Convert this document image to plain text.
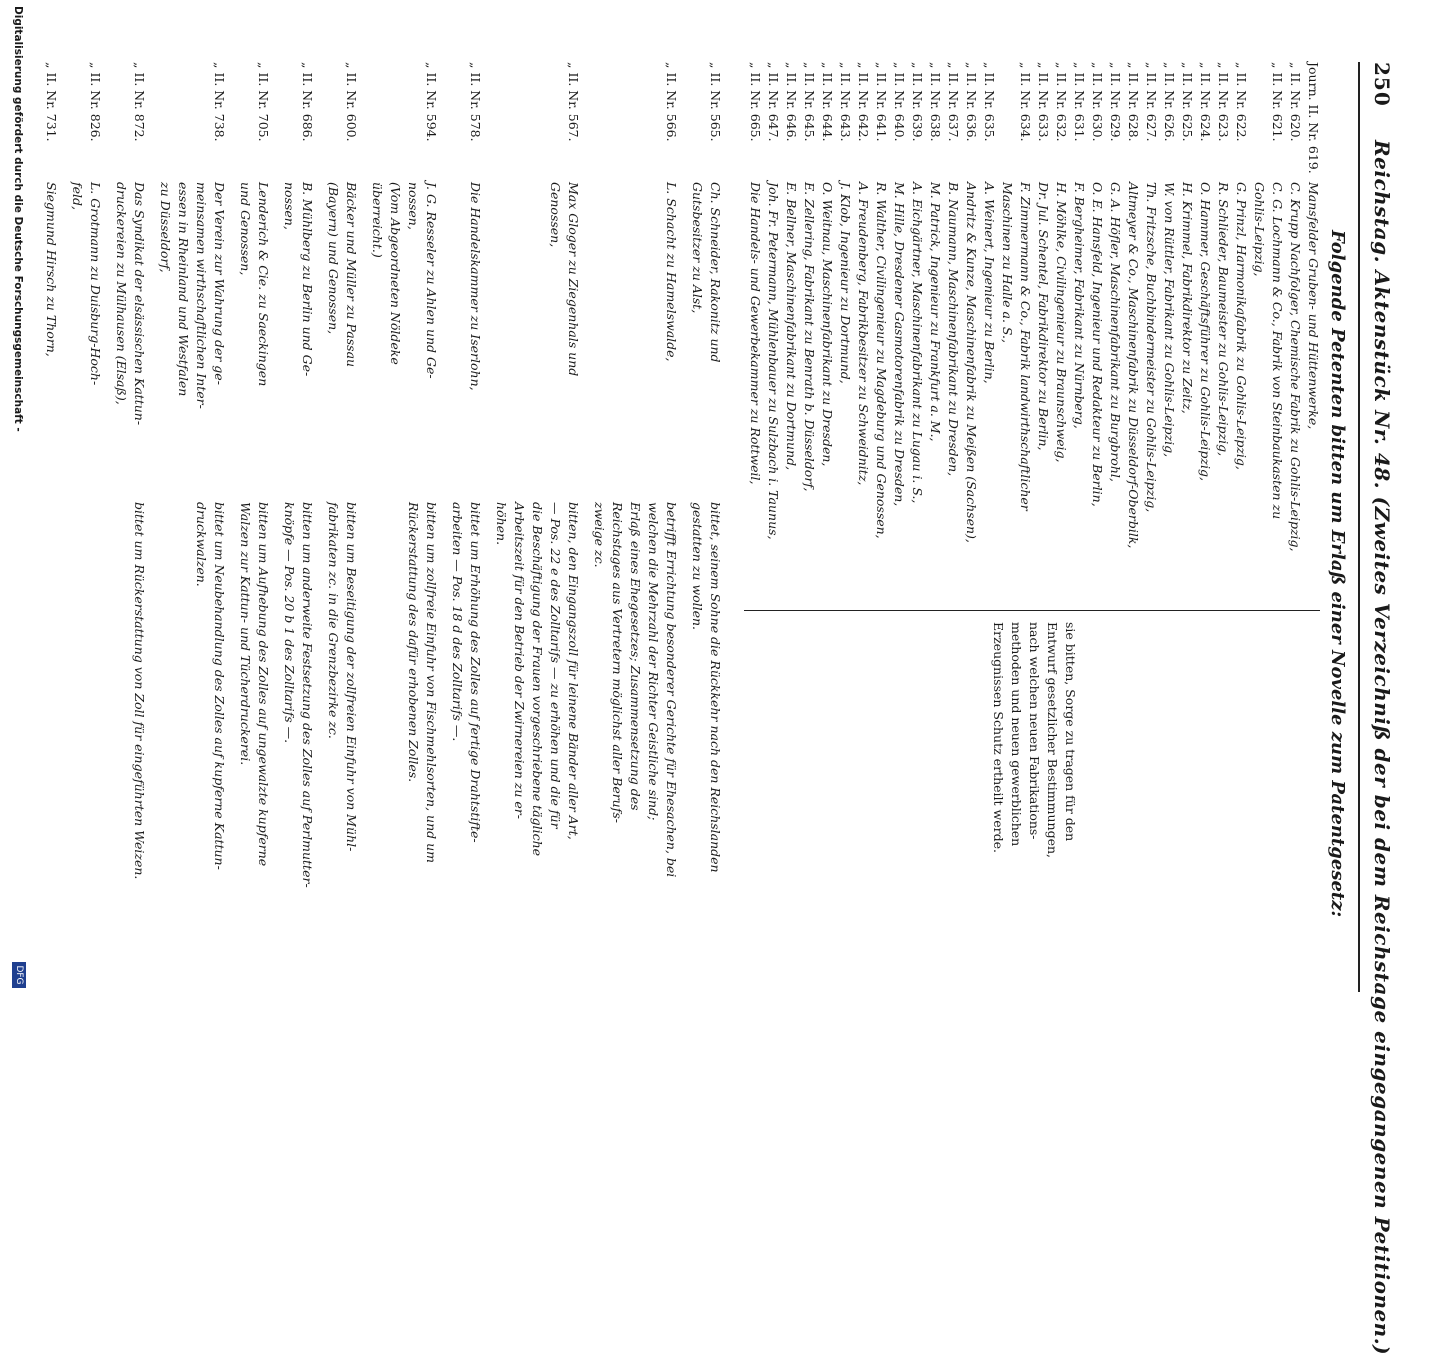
250
Reichstag. Aktenstück Nr. 48. (Zweites Verzeichniß der bei dem Reichstage eingegangenen Petitionen.)
Folgende Petenten bitten um Erlaß einer Novelle zum Patentgesetz:
Journ. II. Nr. 619.
Mansfelder Gruben- und Hüttenwerke,
„ II. Nr. 620.
C. Krupp Nachfolger, Chemische Fabrik zu Gohlis-Leipzig,
„ II. Nr. 621.
C. G. Lochmann & Co., Fabrik von Steinbaukasten zu
Gohlis-Leipzig,
„ II. Nr. 622.
G. Prinzl, Harmonikafabrik zu Gohlis-Leipzig,
„ II. Nr. 623.
R. Schlieder, Baumeister zu Gohlis-Leipzig,
„ II. Nr. 624.
O. Hammer, Geschäftsführer zu Gohlis-Leipzig,
„ II. Nr. 625.
H. Krimmel, Fabrikdirektor zu Zeitz,
„ II. Nr. 626.
W. von Rüttler, Fabrikant zu Gohlis-Leipzig,
„ II. Nr. 627.
Th. Fritzsche, Buchbindermeister zu Gohlis-Leipzig,
„ II. Nr. 628.
Altmeyer & Co., Maschinenfabrik zu Düsseldorf-Oberbilk,
„ II. Nr. 629.
G. A. Höfler, Maschinenfabrikant zu Burgbrohl,
„ II. Nr. 630.
O. E. Hansfeld, Ingenieur und Redakteur zu Berlin,
„ II. Nr. 631.
F. Bergheimer, Fabrikant zu Nürnberg,
„ II. Nr. 632.
H. Möhlke, Civilingenieur zu Braunschweig,
„ II. Nr. 633.
Dr. Jul. Schentel, Fabrikdirektor zu Berlin,
„ II. Nr. 634.
F. Zimmermann & Co., Fabrik landwirthschaftlicher
Maschinen zu Halle a. S.,
„ II. Nr. 635.
A. Weinert, Ingenieur zu Berlin,
„ II. Nr. 636.
Andritz & Kunze, Maschinenfabrik zu Meißen (Sachsen),
„ II. Nr. 637.
B. Naumann, Maschinenfabrikant zu Dresden,
„ II. Nr. 638.
M. Patrick, Ingenieur zu Frankfurt a. M.,
„ II. Nr. 639.
A. Eichgärtner, Maschinenfabrikant zu Lugau i. S.,
„ II. Nr. 640.
M. Hille, Dresdener Gasmotorenfabrik zu Dresden,
„ II. Nr. 641.
R. Walther, Civilingenieur zu Magdeburg und Genossen,
„ II. Nr. 642.
A. Freudenberg, Fabrikbesitzer zu Schweidnitz,
„ II. Nr. 643.
J. Klob, Ingenieur zu Dortmund,
„ II. Nr. 644.
O. Weitnau, Maschinenfabrikant zu Dresden,
„ II. Nr. 645.
E. Zellering, Fabrikant zu Benrath b. Düsseldorf,
„ II. Nr. 646.
E. Bellner, Maschinenfabrikant zu Dortmund,
„ II. Nr. 647.
Joh. Fr. Petermann, Mühlenbauer zu Sulzbach i. Taunus,
„ II. Nr. 665.
Die Handels- und Gewerbekammer zu Rottweil,
sie bitten, Sorge zu tragen für den
Entwurf gesetzlicher Bestimmungen,
nach welchen neuen Fabrikations-
methoden und neuen gewerblichen
Erzeugnissen Schutz ertheilt werde.
„ II. Nr. 565.
Ch. Schneider, Rakonitz und
Gutsbesitzer zu Alst,
bittet, seinem Sohne die Rückkehr nach den Reichslanden
gestatten zu wollen.
„ II. Nr. 566.
L. Schacht zu Hamelswalde,
betrifft Errichtung besonderer Gerichte für Ehesachen, bei
welchen die Mehrzahl der Richter Geistliche sind;
Erlaß eines Ehegesetzes; Zusammensetzung des
Reichstages aus Vertretern möglichst aller Berufs-
zweige zc.
„ II. Nr. 567.
Max Gloger zu Ziegenhals und
Genossen,
bitten, den Eingangszoll für leinene Bänder aller Art,
— Pos. 22 e des Zolltarifs — zu erhöhen und die für
die Beschäftigung der Frauen vorgeschriebene tägliche
Arbeitszeit für den Betrieb der Zwirnereien zu er-
höhen.
„ II. Nr. 578.
Die Handelskammer zu Iserlohn,
bittet um Erhöhung des Zolles auf fertige Drahtstifte-
arbeiten — Pos. 18 d des Zolltarifs —.
„ II. Nr. 594.
J. G. Resseler zu Ahlen und Ge-
nossen,
(Vom Abgeordneten Nöldeke
überreicht.)
bitten um zollfreie Einfuhr von Fischmehlsorten, und um
Rückerstattung des dafür erhobenen Zolles.
„ II. Nr. 600.
Bäcker und Müller zu Passau
(Bayern) und Genossen,
bitten um Beseitigung der zollfreien Einfuhr von Mühl-
fabrikaten zc. in die Grenzbezirke zc.
„ II. Nr. 686.
B. Mühlberg zu Berlin und Ge-
nossen,
bitten um anderweite Festsetzung des Zolles auf Perlmutter-
knöpfe — Pos. 20 b 1 des Zolltarifs —.
„ II. Nr. 705.
Lenderich & Cie. zu Saeckingen
und Genossen,
bitten um Aufhebung des Zolles auf ungewalzte kupferne
Walzen zur Kattun- und Tücherdruckerei.
„ II. Nr. 738.
Der Verein zur Wahrung der ge-
meinsamen wirthschaftlichen Inter-
essen in Rheinland und Westfalen
zu Düsseldorf,
bittet um Neubehandlung des Zolles auf kupferne Kattun-
druckwalzen.
„ II. Nr. 872.
Das Syndikat der elsässischen Kattun-
druckereien zu Mülhausen (Elsaß),
bittet um Rückerstattung von Zoll für eingeführten Weizen.
„ II. Nr. 826.
L. Grotmann zu Duisburg-Hoch-
feld,
„ II. Nr. 731.
Siegmund Hirsch zu Thorn,
Digitalisierung gefördert durch die Deutsche Forschungsgemeinschaft -
DFG
